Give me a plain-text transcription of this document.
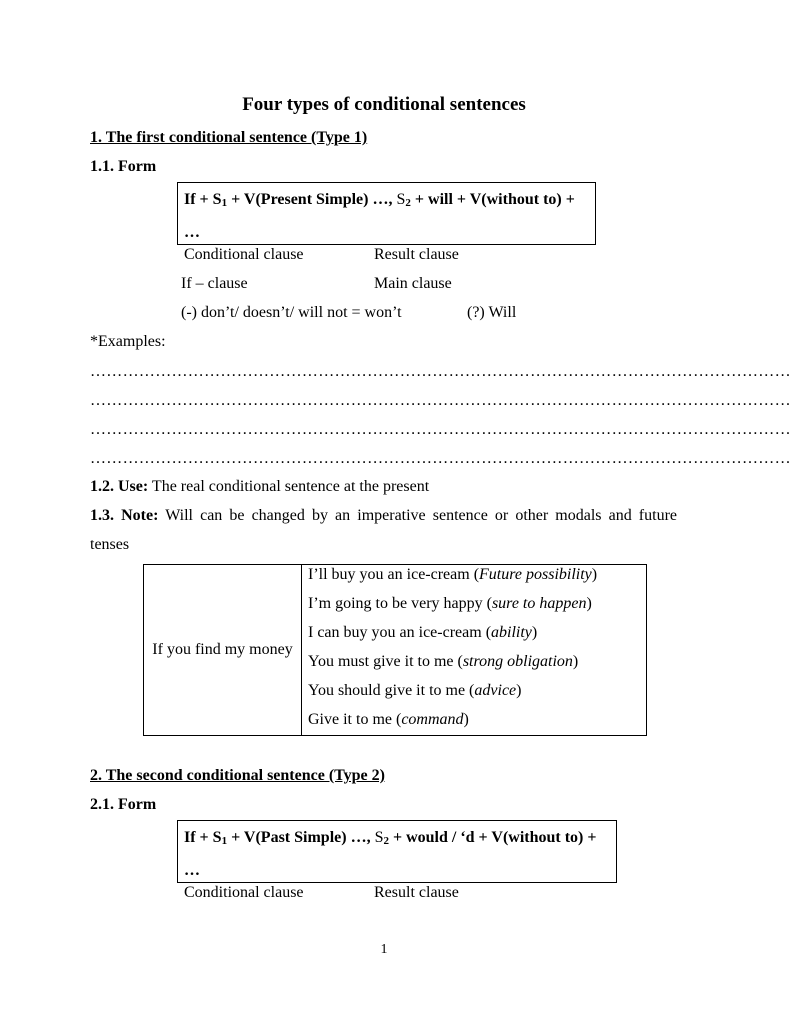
Four types of conditional sentences
1. The first conditional sentence (Type 1)
1.1. Form
If + S1 + V(Present Simple) …, S2 + will + V(without to) +
…
Conditional clause	Result clause
If – clause	Main clause
(-) don’t/ doesn’t/ will not = won’t	(?) Will
*Examples:
…………………………………………………………………………………………………………………
…………………………………………………………………………………………………………………
…………………………………………………………………………………………………………………
…………………………………………………………………………………………………………………
1.2. Use: The real conditional sentence at the present
1.3. Note: Will can be changed by an imperative sentence or other modals and future
tenses
If you find my money	
I’ll buy you an ice-cream (Future possibility)
I’m going to be very happy (sure to happen)
I can buy you an ice-cream (ability)
You must give it to me (strong obligation)
You should give it to me (advice)
Give it to me (command)
2. The second conditional sentence (Type 2)
2.1. Form
If + S1 + V(Past Simple) …, S2 + would / ‘d + V(without to) +
…
Conditional clause	Result clause
1
